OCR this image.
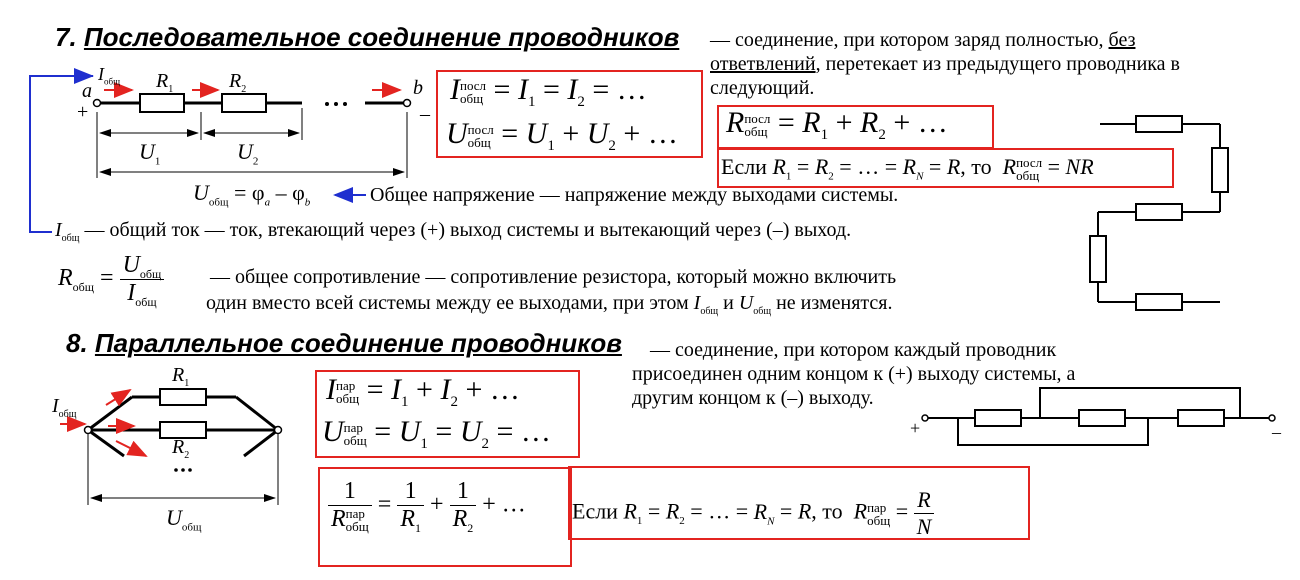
7. Последовательное соединение проводников — соединение, при котором заряд полностью, без
ответвлений, перетекает из предыдущего проводника в
следующий.
$I_{общ}$
a
+
$R_1$	$R_2$	b
–
$U_1$	$U_2$
$U_{общ} = \varphi_a - \varphi_b$	Общее напряжение — напряжение между выходами системы.
$I_{общ}$ — общий ток — ток, втекающий через (+) выход системы и вытекающий через (–) выход.
I посл
общ = $I_1 = I_2$ = …
U посл
общ = $U_1 + U_2$ + … R посл
общ = $R_1 + R_2$ + …
Если $R_1 = R_2$ = … = $R_N = R$, то R посл
общ = NR
$R_{общ} = \frac{U_{общ}}{I_{общ}}$ — общее сопротивление — сопротивление резистора, который можно включить
один вместо всей системы между ее выходами, при этом $I_{общ}$ и $U_{общ}$ не изменятся.
8. Параллельное соединение проводников — соединение, при котором каждый проводник
присоединен одним концом к (+) выходу системы, а
другим концом к (–) выходу.
$I_{общ}$
$R_1$
$R_2$
$U_{общ}$
I пар
общ = $I_1 + I_2$ + …
U пар
общ = $U_1 = U_2$ = …
1
R пар
общ = $\frac{1}{R_1} + \frac{1}{R_2}$ + … Если $R_1 = R_2$ = … = $R_N = R$, то R пар
общ = $\frac{R}{N}$
+	–
